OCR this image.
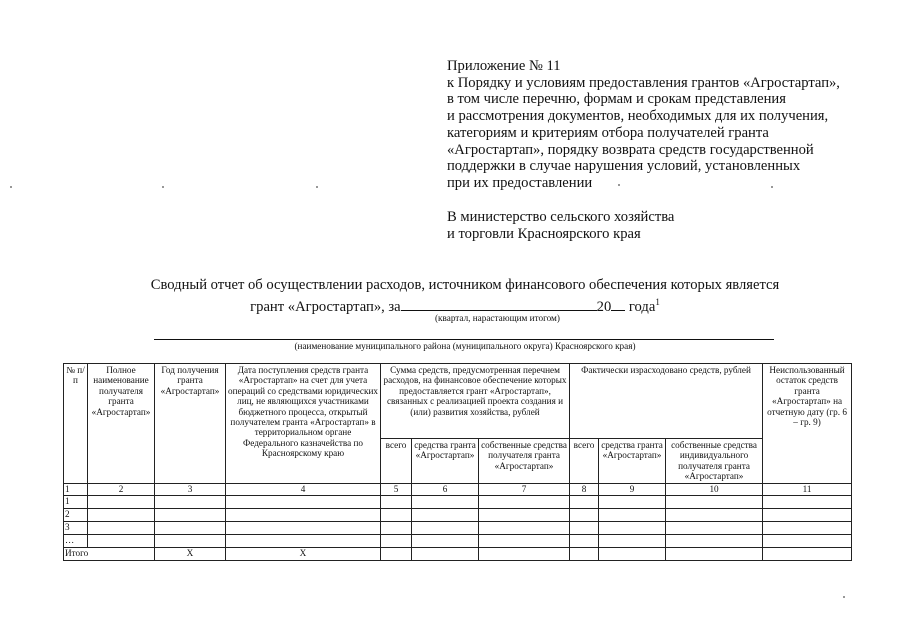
Приложение № 11
к Порядку и условиям предоставления грантов «Агростартап»,
в том числе перечню, формам и срокам представления
и рассмотрения документов, необходимых для их получения,
категориям и критериям отбора получателей гранта
«Агростартап», порядку возврата средств государственной
поддержки в случае нарушения условий, установленных
при их предоставлении
В министерство сельского хозяйства
и торговли Красноярского края
Сводный отчет об осуществлении расходов, источником финансового обеспечения которых является
грант «Агростартап», за	20 года$^1$
(квартал, нарастающим итогом)
(наименование муниципального района (муниципального округа) Красноярского края)
№ п/п	Полное наименование получателя гранта «Агростартап»	Год получения гранта «Агростартап»	Дата поступления средств гранта «Агростартап» на счет для учета операций со средствами юридических лиц, не являющихся участниками бюджетного процесса, открытый получателем гранта «Агростартап» в территориальном органе Федерального казначейства по Красноярскому краю	Сумма средств, предусмотренная перечнем расходов, на финансовое обеспечение которых предоставляется грант «Агростартап», связанных с реализацией проекта создания и (или) развития хозяйства, рублей			Фактически израсходовано средств, рублей			Неиспользованный остаток средств гранта «Агростартап» на отчетную дату (гр. 6 – гр. 9)
				всего	средства гранта «Агростартап»	собственные средства получателя гранта «Агростартап»	всего	средства гранта «Агростартап»	собственные средства индивидуального получателя гранта «Агростартап»	
1	2	3	4	5	6	7	8	9	10	11
1										
2										
3										
…										
Итого		Х	Х							
